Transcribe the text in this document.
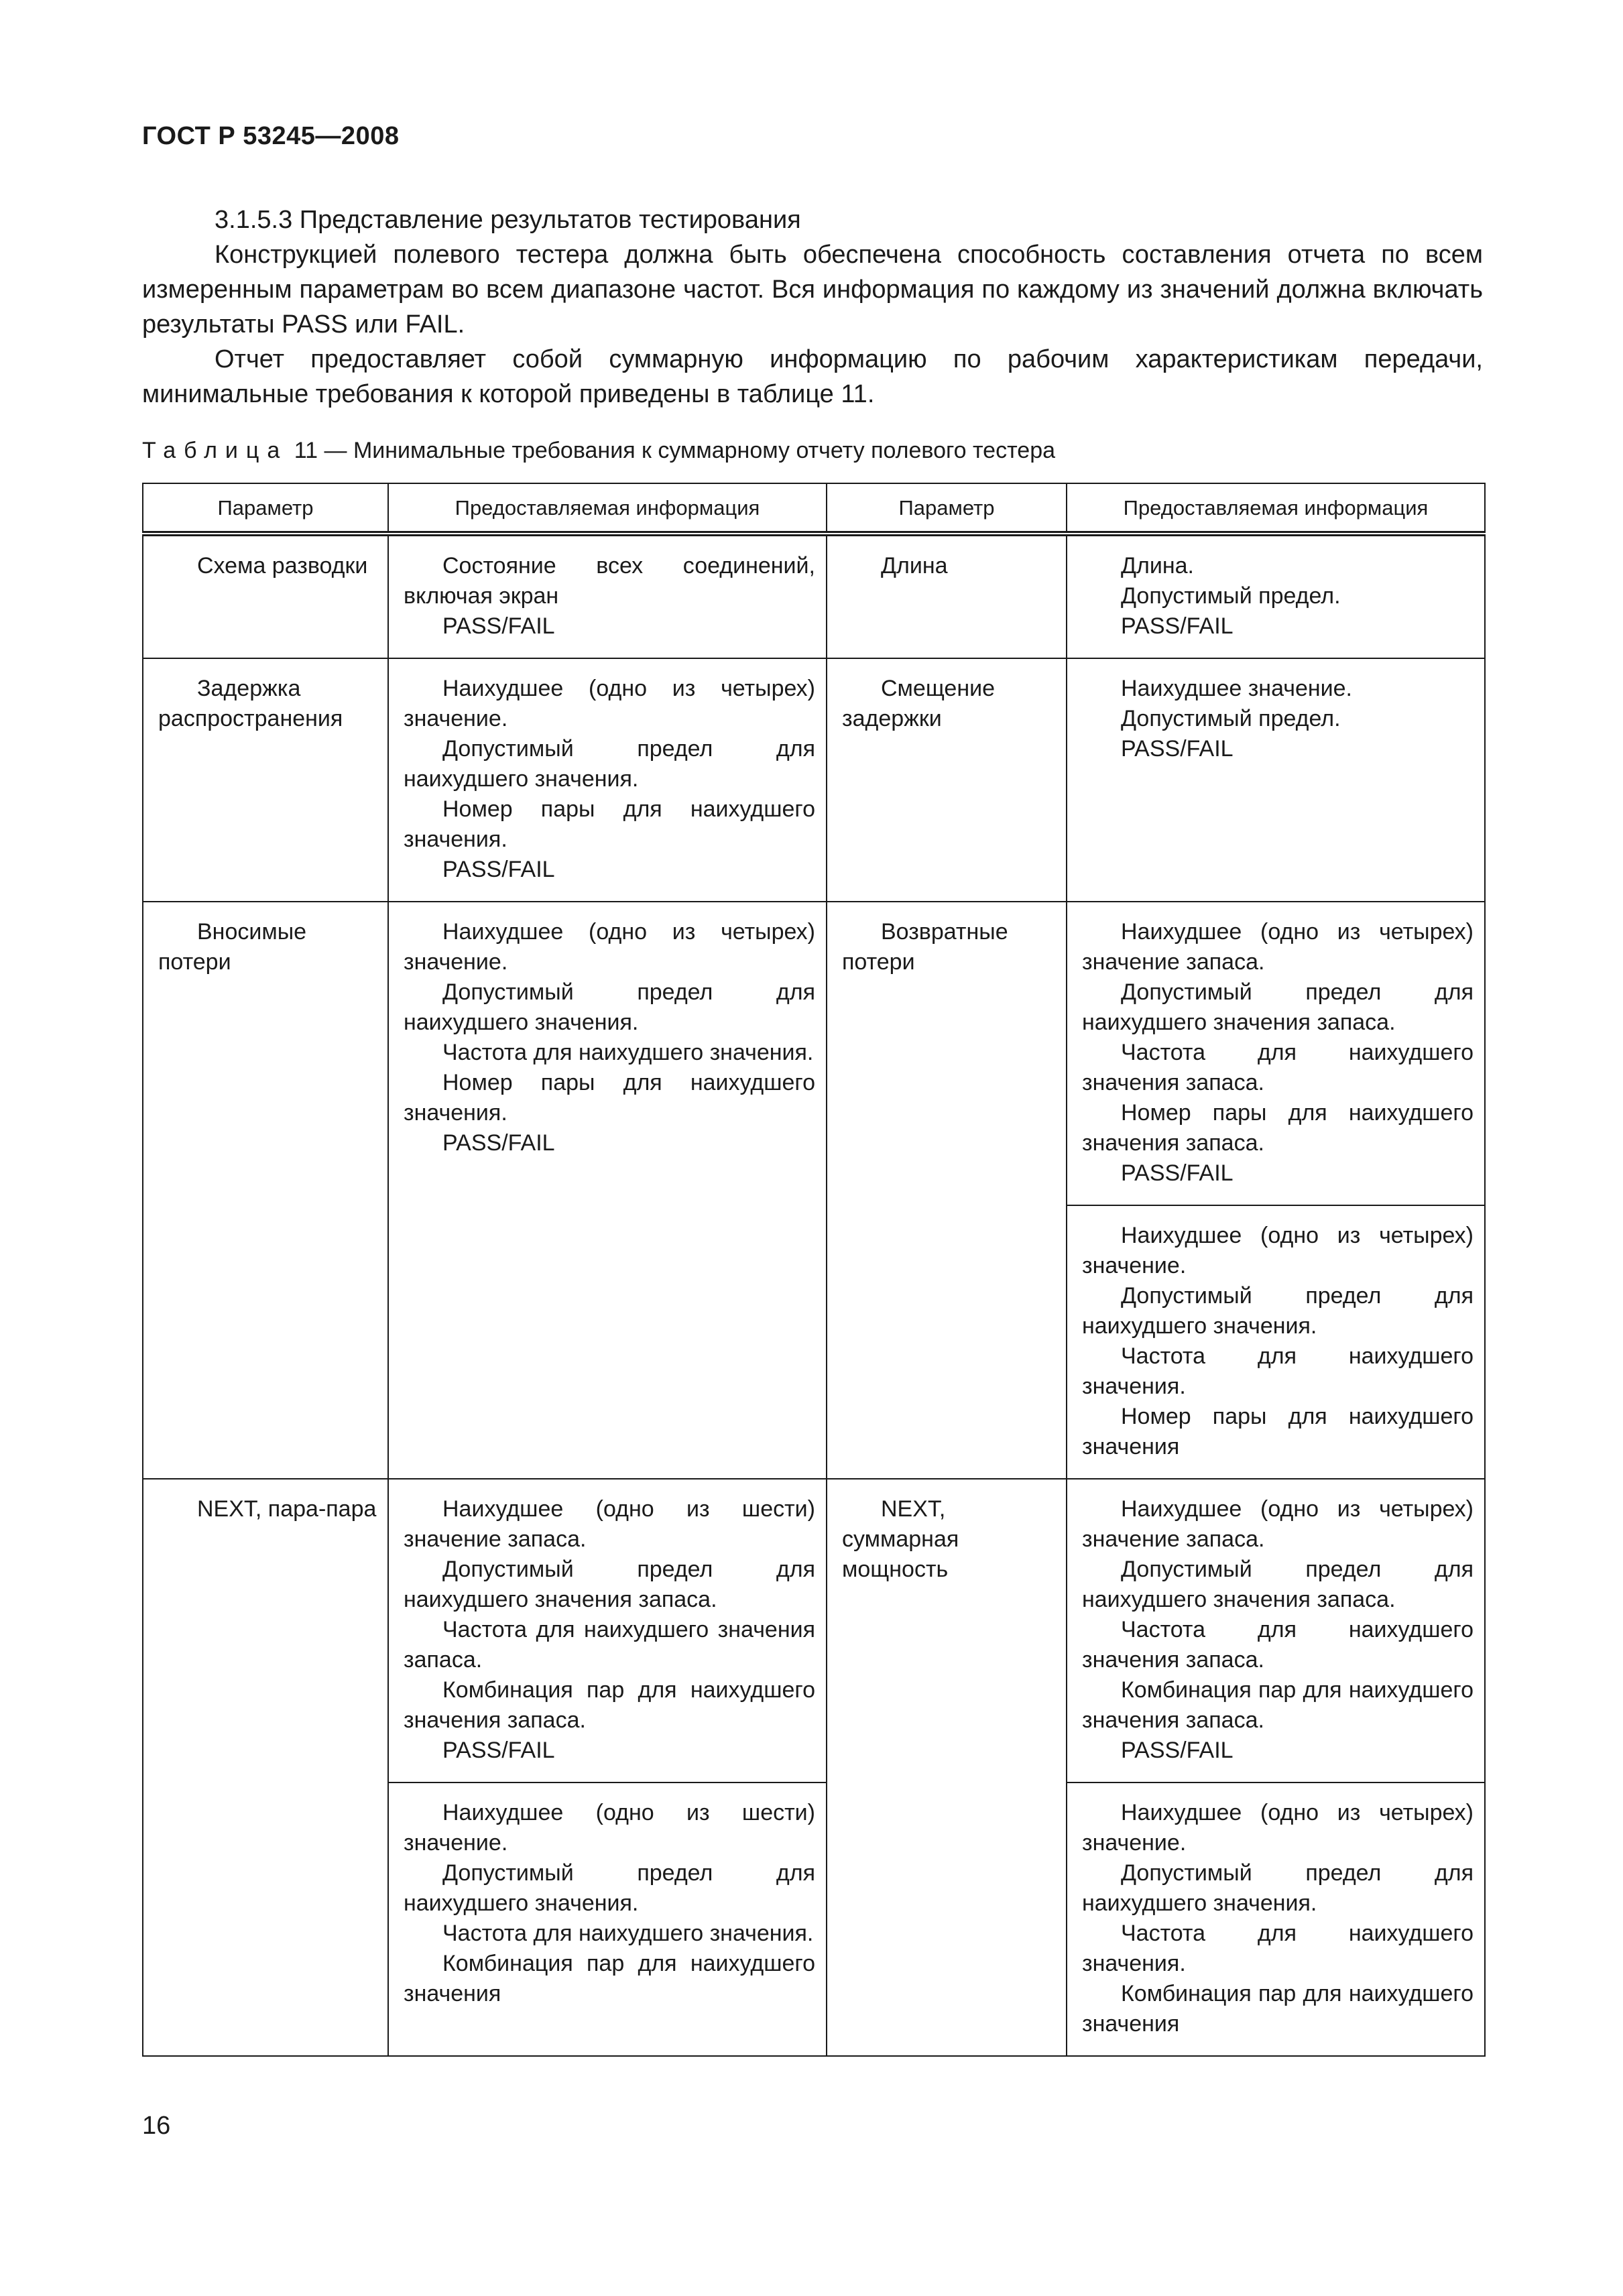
ГОСТ Р 53245—2008

3.1.5.3 Представление результатов тестирования

Конструкцией полевого тестера должна быть обеспечена способность составления отчета по всем измеренным параметрам во всем диапазоне частот. Вся информация по каждому из значений должна включать результаты PASS или FAIL.

Отчет предоставляет собой суммарную информацию по рабочим характеристикам передачи, минимальные требования к которой приведены в таблице 11.

Таблица 11 — Минимальные требования к суммарному отчету полевого тестера
Параметр	Предоставляемая информация	Параметр	Предоставляемая информация

Схема разводки	Состояние всех соединений, включая экран
PASS/FAIL	Длина	Длина.
Допустимый предел.
PASS/FAIL

Задержка распространения	Наихудшее (одно из четырех) значение.
Допустимый предел для наихудшего значения.
Номер пары для наихудшего значения.
PASS/FAIL	Смещение задержки	Наихудшее значение.
Допустимый предел.
PASS/FAIL

Вносимые потери	Наихудшее (одно из четырех) значение.
Допустимый предел для наихудшего значения.
Частота для наихудшего значения.
Номер пары для наихудшего значения.
PASS/FAIL	Возвратные потери	Наихудшее (одно из четырех) значение запаса.
Допустимый предел для наихудшего значения запаса.
Частота для наихудшего значения запаса.
Номер пары для наихудшего значения запаса.
PASS/FAIL

			Наихудшее (одно из четырех) значение.
Допустимый предел для наихудшего значения.
Частота для наихудшего значения.
Номер пары для наихудшего значения

NEXT, пара-пара	Наихудшее (одно из шести) значение запаса.
Допустимый предел для наихудшего значения запаса.
Частота для наихудшего значения запаса.
Комбинация пар для наихудшего значения запаса.
PASS/FAIL	NEXT, суммарная мощность	Наихудшее (одно из четырех) значение запаса.
Допустимый предел для наихудшего значения запаса.
Частота для наихудшего значения запаса.
Комбинация пар для наихудшего значения запаса.
PASS/FAIL

	Наихудшее (одно из шести) значение.
Допустимый предел для наихудшего значения.
Частота для наихудшего значения.
Комбинация пар для наихудшего значения		Наихудшее (одно из четырех) значение.
Допустимый предел для наихудшего значения.
Частота для наихудшего значения.
Комбинация пар для наихудшего значения
16
